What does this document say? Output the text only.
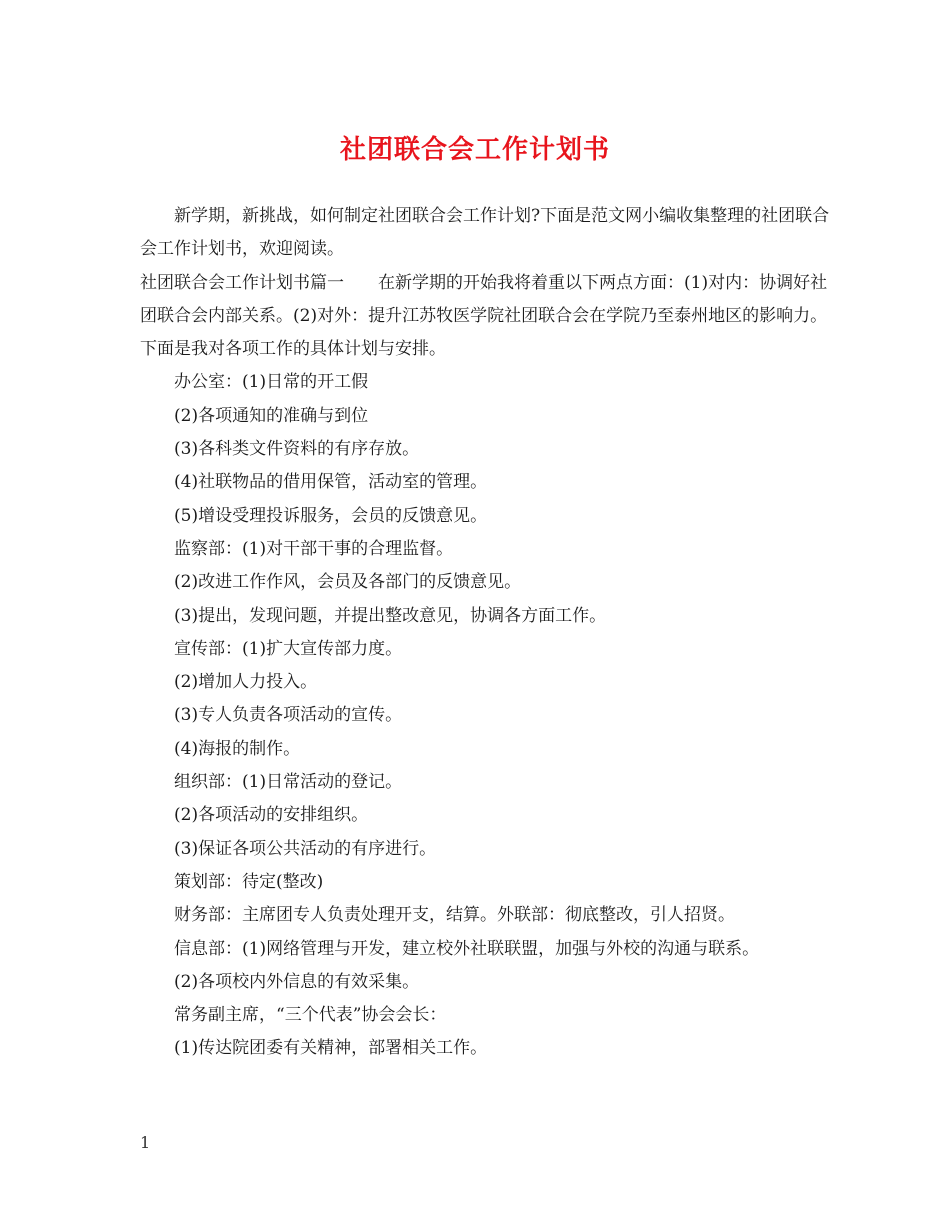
社团联合会工作计划书

新学期，新挑战，如何制定社团联合会工作计划?下面是范文网小编收集整理的社团联合会工作计划书，欢迎阅读。

社团联合会工作计划书篇一　　在新学期的开始我将着重以下两点方面：(1)对内：协调好社团联合会内部关系。(2)对外：提升江苏牧医学院社团联合会在学院乃至泰州地区的影响力。下面是我对各项工作的具体计划与安排。

办公室：(1)日常的开工假

(2)各项通知的准确与到位

(3)各科类文件资料的有序存放。

(4)社联物品的借用保管，活动室的管理。

(5)增设受理投诉服务，会员的反馈意见。

监察部：(1)对干部干事的合理监督。

(2)改进工作作风，会员及各部门的反馈意见。

(3)提出，发现问题，并提出整改意见，协调各方面工作。

宣传部：(1)扩大宣传部力度。

(2)增加人力投入。

(3)专人负责各项活动的宣传。

(4)海报的制作。

组织部：(1)日常活动的登记。

(2)各项活动的安排组织。

(3)保证各项公共活动的有序进行。

策划部：待定(整改)

财务部：主席团专人负责处理开支，结算。外联部：彻底整改，引人招贤。

信息部：(1)网络管理与开发，建立校外社联联盟，加强与外校的沟通与联系。

(2)各项校内外信息的有效采集。

常务副主席，“三个代表”协会会长：

(1)传达院团委有关精神，部署相关工作。

1
